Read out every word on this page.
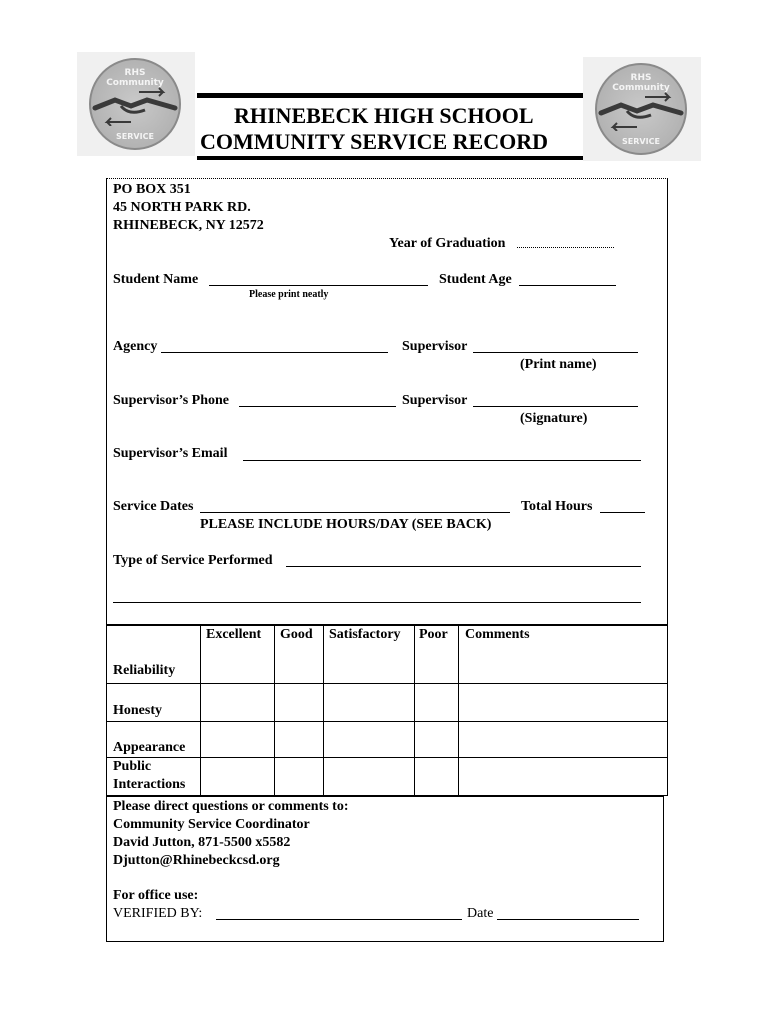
RHS
Community
SERVICE
RHS
Community
SERVICE
RHINEBECK HIGH SCHOOL
COMMUNITY SERVICE RECORD
PO BOX 351
45 NORTH PARK RD.
RHINEBECK, NY 12572
Year of Graduation
Student Name
Please print neatly
Student Age
Agency	Supervisor
(Print name)
Supervisor’s Phone	Supervisor
(Signature)
Supervisor’s Email
Service Dates	Total Hours
PLEASE INCLUDE HOURS/DAY (SEE BACK)
Type of Service Performed
Excellent Good Satisfactory Poor Comments
Reliability
Honesty
Appearance
Public
Interactions
Please direct questions or comments to:
Community Service Coordinator
David Jutton, 871-5500 x5582
Djutton@Rhinebeckcsd.org
For office use:
VERIFIED BY:	Date
